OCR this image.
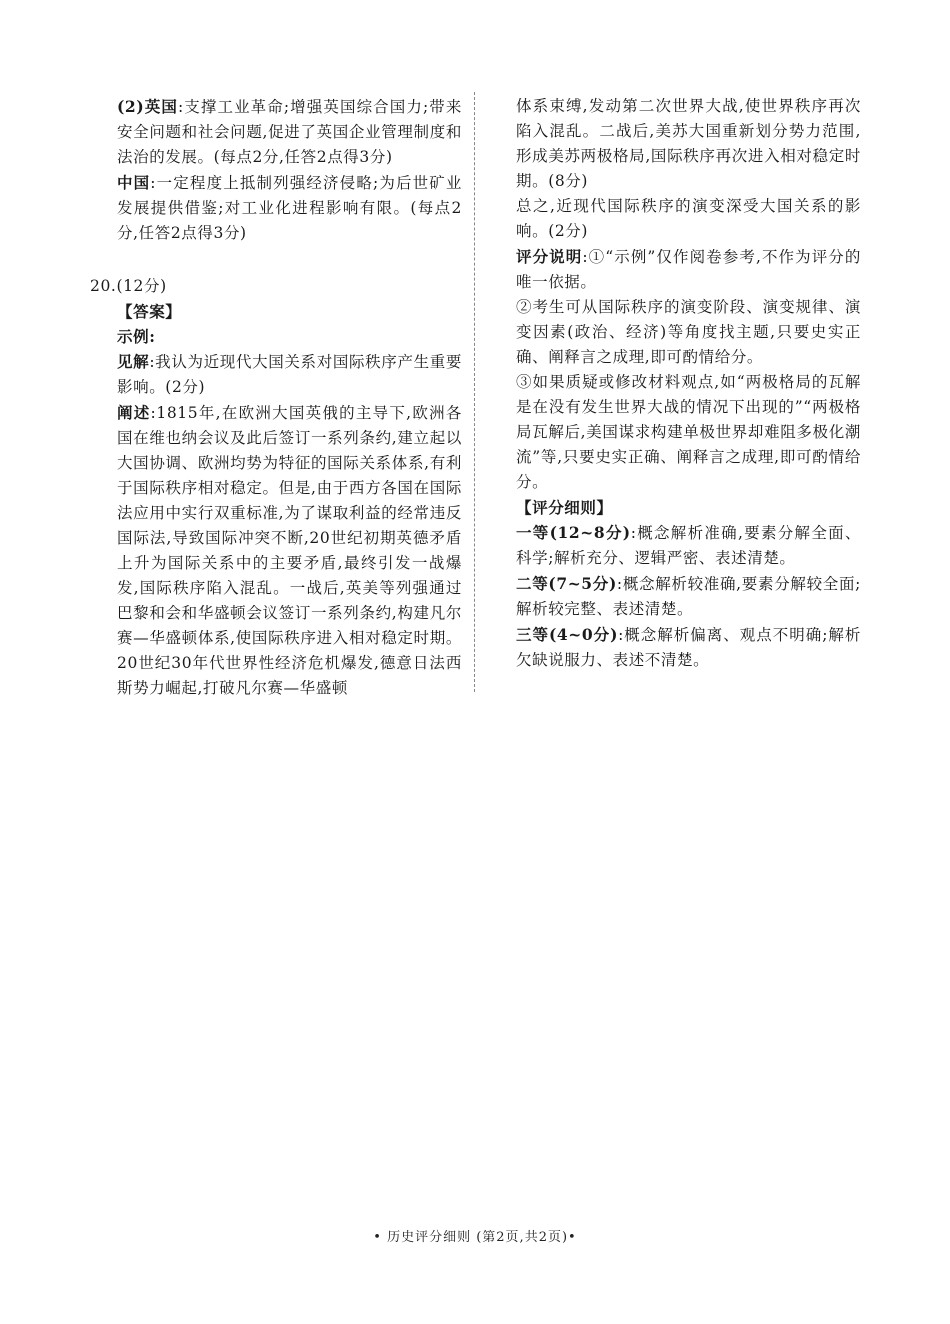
(2)英国:支撑工业革命;增强英国综合国力;带来安全问题和社会问题,促进了英国企业管理制度和法治的发展。(每点2分,任答2点得3分)

中国:一定程度上抵制列强经济侵略;为后世矿业发展提供借鉴;对工业化进程影响有限。(每点2分,任答2点得3分)

20.(12分)

【答案】

示例:

见解:我认为近现代大国关系对国际秩序产生重要影响。(2分)

阐述:1815年,在欧洲大国英俄的主导下,欧洲各国在维也纳会议及此后签订一系列条约,建立起以大国协调、欧洲均势为特征的国际关系体系,有利于国际秩序相对稳定。但是,由于西方各国在国际法应用中实行双重标准,为了谋取利益的经常违反国际法,导致国际冲突不断,20世纪初期英德矛盾上升为国际关系中的主要矛盾,最终引发一战爆发,国际秩序陷入混乱。一战后,英美等列强通过巴黎和会和华盛顿会议签订一系列条约,构建凡尔赛—华盛顿体系,使国际秩序进入相对稳定时期。20世纪30年代世界性经济危机爆发,德意日法西斯势力崛起,打破凡尔赛—华盛顿

体系束缚,发动第二次世界大战,使世界秩序再次陷入混乱。二战后,美苏大国重新划分势力范围,形成美苏两极格局,国际秩序再次进入相对稳定时期。(8分)

总之,近现代国际秩序的演变深受大国关系的影响。(2分)

评分说明:①“示例”仅作阅卷参考,不作为评分的唯一依据。

②考生可从国际秩序的演变阶段、演变规律、演变因素(政治、经济)等角度找主题,只要史实正确、阐释言之成理,即可酌情给分。

③如果质疑或修改材料观点,如“两极格局的瓦解是在没有发生世界大战的情况下出现的”“两极格局瓦解后,美国谋求构建单极世界却难阻多极化潮流”等,只要史实正确、阐释言之成理,即可酌情给分。

【评分细则】

一等(12~8分):概念解析准确,要素分解全面、科学;解析充分、逻辑严密、表述清楚。

二等(7~5分):概念解析较准确,要素分解较全面;解析较完整、表述清楚。

三等(4~0分):概念解析偏离、观点不明确;解析欠缺说服力、表述不清楚。

• 历史评分细则 (第2页,共2页)•
